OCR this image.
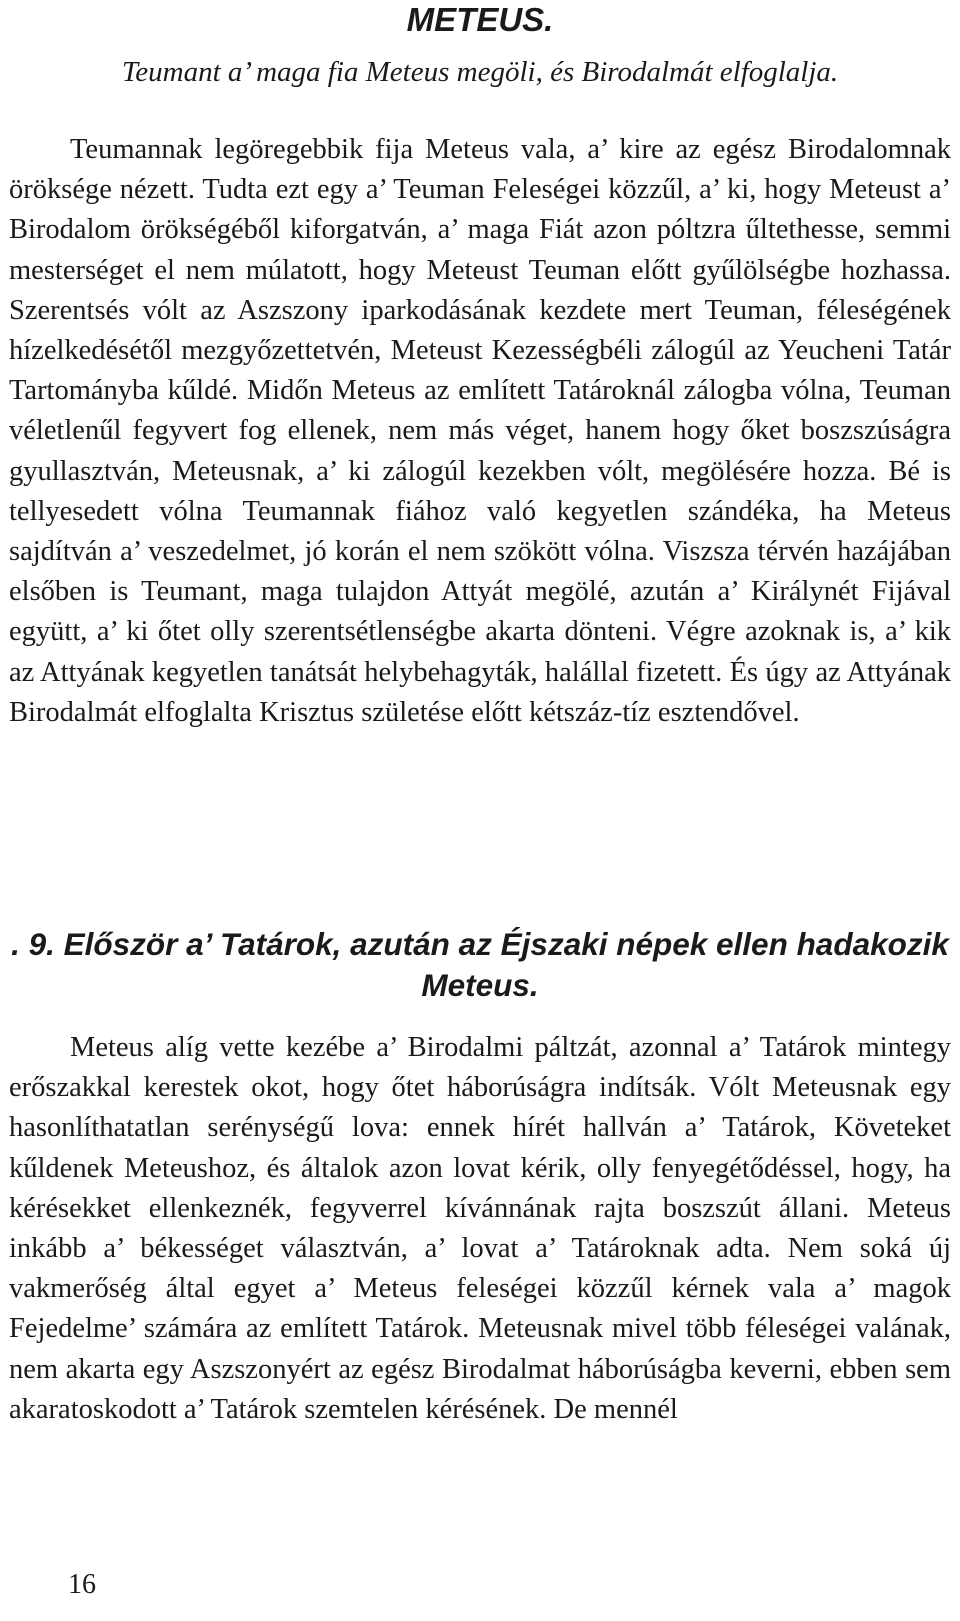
METEUS.

Teumant a’ maga fia Meteus megöli, és Birodalmát elfoglalja.

Teumannak legöregebbik fija Meteus vala, a’ kire az egész Birodalomnak öröksége nézett. Tudta ezt egy a’ Teuman Feleségei közzűl, a’ ki, hogy Meteust a’ Birodalom örökségéből kiforgatván, a’ maga Fiát azon póltzra űltethesse, semmi mesterséget el nem múlatott, hogy Meteust Teuman előtt gyűlölségbe hozhassa. Szerentsés vólt az Aszszony iparkodásának kezdete mert Teuman, féleségének hízelkedésétől mezgyőzettetvén, Meteust Kezességbéli zálogúl az Yeucheni Tatár Tartományba kűldé. Midőn Meteus az említett Tatároknál zálogba vólna, Teuman véletlenűl fegyvert fog ellenek, nem más véget, hanem hogy őket boszszúságra gyullasztván, Meteusnak, a’ ki zálogúl kezekben vólt, megölésére hozza. Bé is tellyesedett vólna Teumannak fiához való kegyetlen szándéka, ha Meteus sajdítván a’ veszedelmet, jó korán el nem szökött vólna. Viszsza térvén hazájában elsőben is Teumant, maga tulajdon Attyát megölé, azután a’ Királynét Fijával együtt, a’ ki őtet olly szerentsétlenségbe akarta dönteni. Végre azoknak is, a’ kik az Attyának kegyetlen tanátsát helybehagyták, halállal fizetett. És úgy az Attyának Birodalmát elfoglalta Krisztus születése előtt kétszáz-tíz esztendővel.

. 9. Először a’ Tatárok, azután az Éjszaki népek ellen hadakozik Meteus.

Meteus alíg vette kezébe a’ Birodalmi páltzát, azonnal a’ Tatárok mintegy erőszakkal kerestek okot, hogy őtet háborúságra indítsák. Vólt Meteusnak egy hasonlíthatatlan serénységű lova: ennek hírét hallván a’ Tatárok, Követeket kűldenek Meteushoz, és általok azon lovat kérik, olly fenyegétődéssel, hogy, ha kérésekket ellenkeznék, fegyverrel kívánnának rajta boszszút állani. Meteus inkább a’ békességet választván, a’ lovat a’ Tatároknak adta. Nem soká új vakmerőség által egyet a’ Meteus feleségei közzűl kérnek vala a’ magok Fejedelme’ számára az említett Tatárok. Meteusnak mivel több féleségei valának, nem akarta egy Aszszonyért az egész Birodalmat háborúságba keverni, ebben sem akaratoskodott a’ Tatárok szemtelen kérésének. De mennél

16
